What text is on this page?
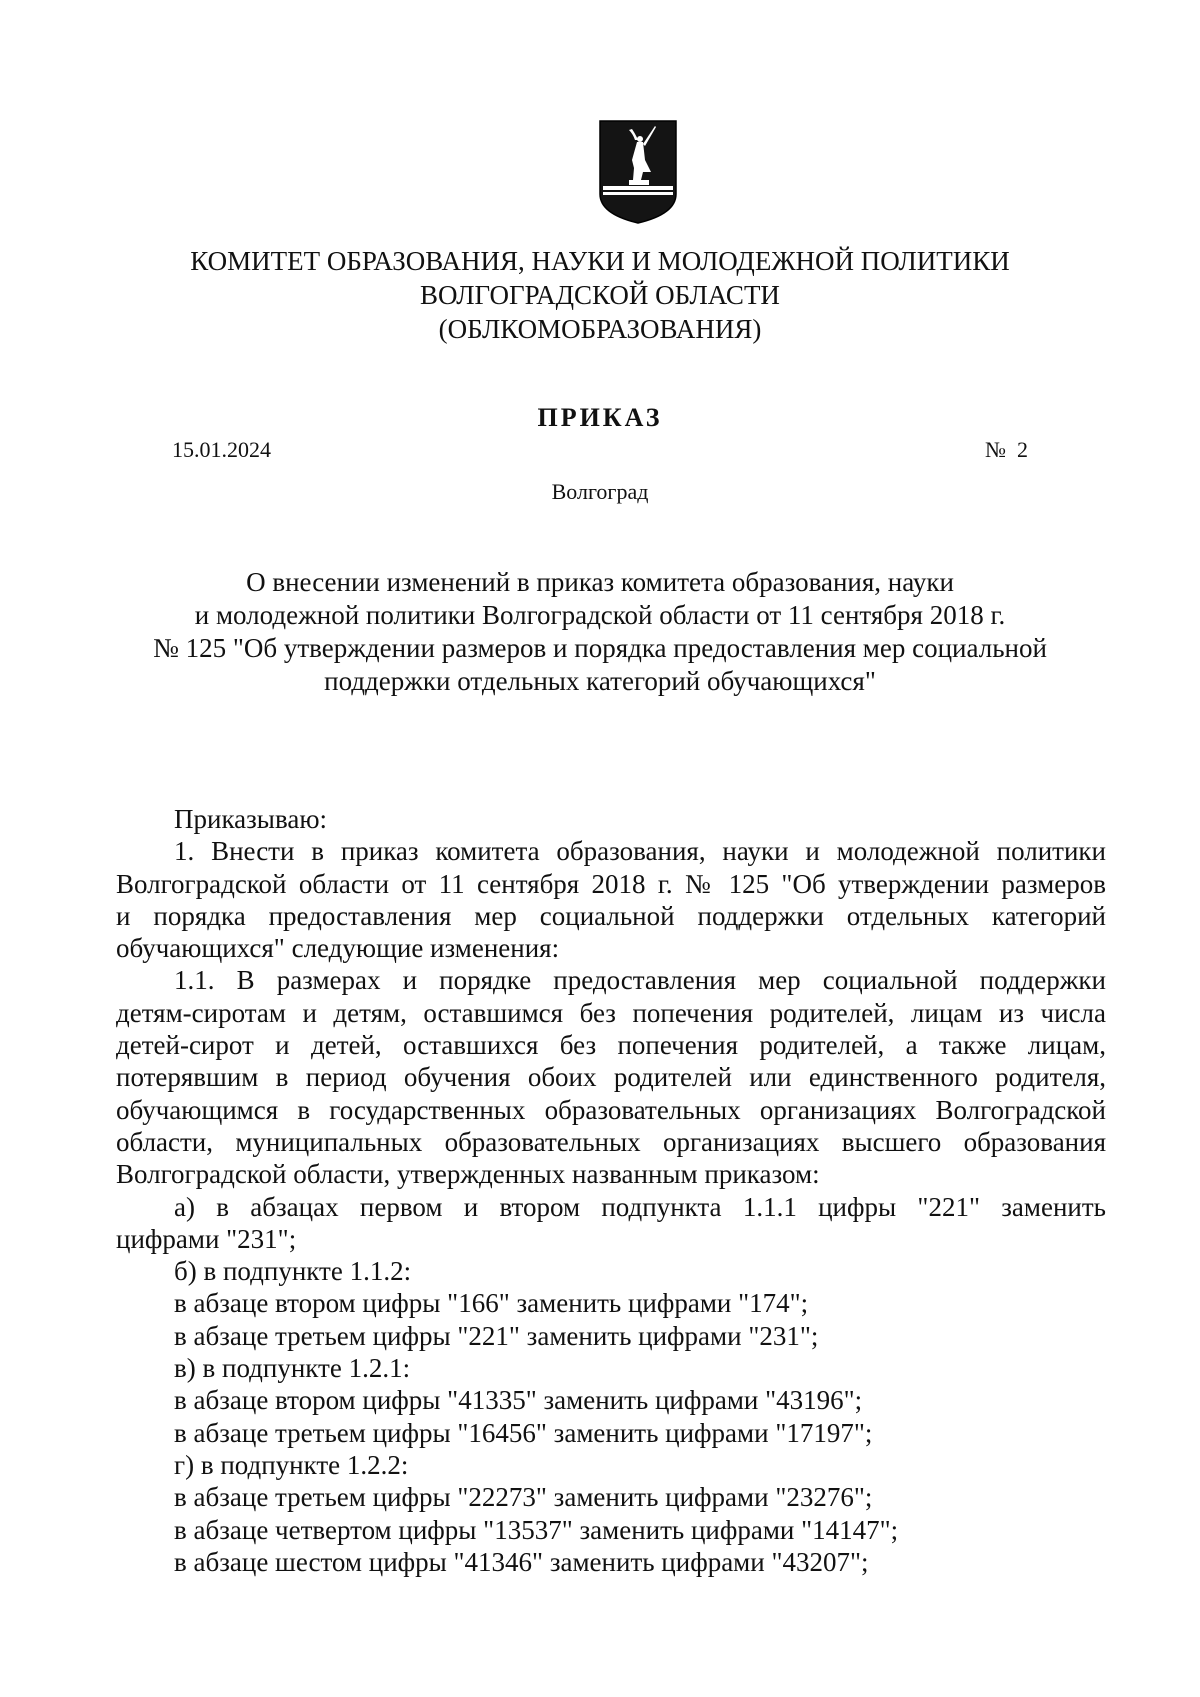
КОМИТЕТ ОБРАЗОВАНИЯ, НАУКИ И МОЛОДЕЖНОЙ ПОЛИТИКИ
ВОЛГОГРАДСКОЙ ОБЛАСТИ
(ОБЛКОМОБРАЗОВАНИЯ)
ПРИКАЗ
15.01.2024	№  2
Волгоград
О внесении изменений в приказ комитета образования, науки
и молодежной политики Волгоградской области от 11 сентября 2018 г.
№ 125 "Об утверждении размеров и порядка предоставления мер социальной
поддержки отдельных категорий обучающихся"
Приказываю:
1. Внести в приказ комитета образования, науки и молодежной политики
Волгоградской области от 11 сентября 2018 г. № 125 "Об утверждении размеров
и порядка предоставления мер социальной поддержки отдельных категорий
обучающихся" следующие изменения:
1.1. В размерах и порядке предоставления мер социальной поддержки
детям-сиротам и детям, оставшимся без попечения родителей, лицам из числа
детей-сирот и детей, оставшихся без попечения родителей, а также лицам,
потерявшим в период обучения обоих родителей или единственного родителя,
обучающимся в государственных образовательных организациях Волгоградской
области, муниципальных образовательных организациях высшего образования
Волгоградской области, утвержденных названным приказом:
а) в абзацах первом и втором подпункта 1.1.1 цифры "221" заменить
цифрами "231";
б) в подпункте 1.1.2:
в абзаце втором цифры "166" заменить цифрами "174";
в абзаце третьем цифры "221" заменить цифрами "231";
в) в подпункте 1.2.1:
в абзаце втором цифры "41335" заменить цифрами "43196";
в абзаце третьем цифры "16456" заменить цифрами "17197";
г) в подпункте 1.2.2:
в абзаце третьем цифры "22273" заменить цифрами "23276";
в абзаце четвертом цифры "13537" заменить цифрами "14147";
в абзаце шестом цифры "41346" заменить цифрами "43207";
